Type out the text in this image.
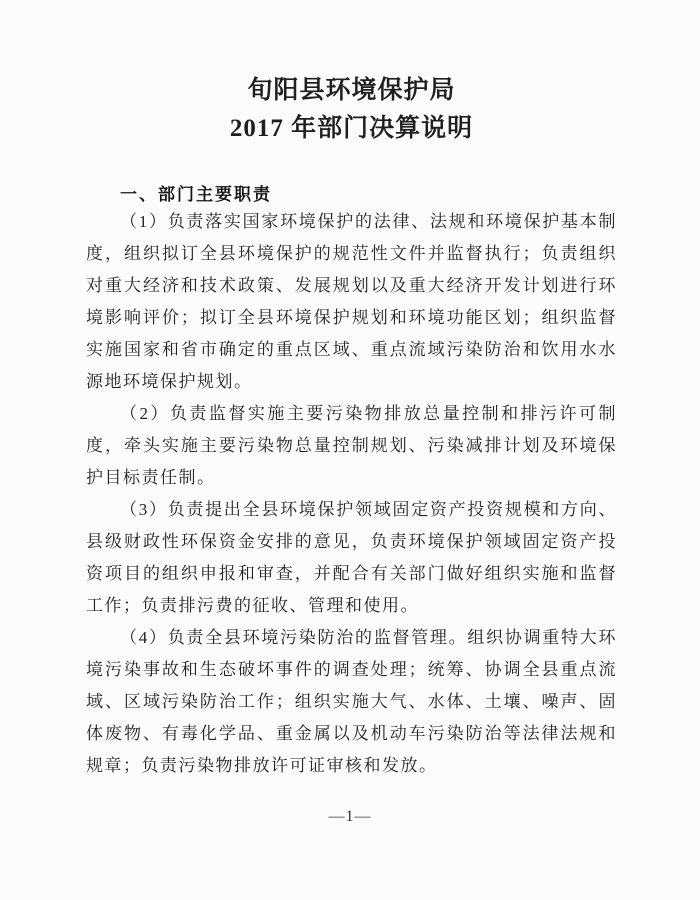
旬阳县环境保护局
2017 年部门决算说明
一、部门主要职责

（1）负责落实国家环境保护的法律、法规和环境保护基本制度，组织拟订全县环境保护的规范性文件并监督执行；负责组织对重大经济和技术政策、发展规划以及重大经济开发计划进行环境影响评价；拟订全县环境保护规划和环境功能区划；组织监督实施国家和省市确定的重点区域、重点流域污染防治和饮用水水源地环境保护规划。

（2）负责监督实施主要污染物排放总量控制和排污许可制度，牵头实施主要污染物总量控制规划、污染减排计划及环境保护目标责任制。

（3）负责提出全县环境保护领域固定资产投资规模和方向、县级财政性环保资金安排的意见，负责环境保护领域固定资产投资项目的组织申报和审查，并配合有关部门做好组织实施和监督工作；负责排污费的征收、管理和使用。

（4）负责全县环境污染防治的监督管理。组织协调重特大环境污染事故和生态破坏事件的调查处理；统筹、协调全县重点流域、区域污染防治工作；组织实施大气、水体、土壤、噪声、固体废物、有毒化学品、重金属以及机动车污染防治等法律法规和规章；负责污染物排放许可证审核和发放。

—1—
